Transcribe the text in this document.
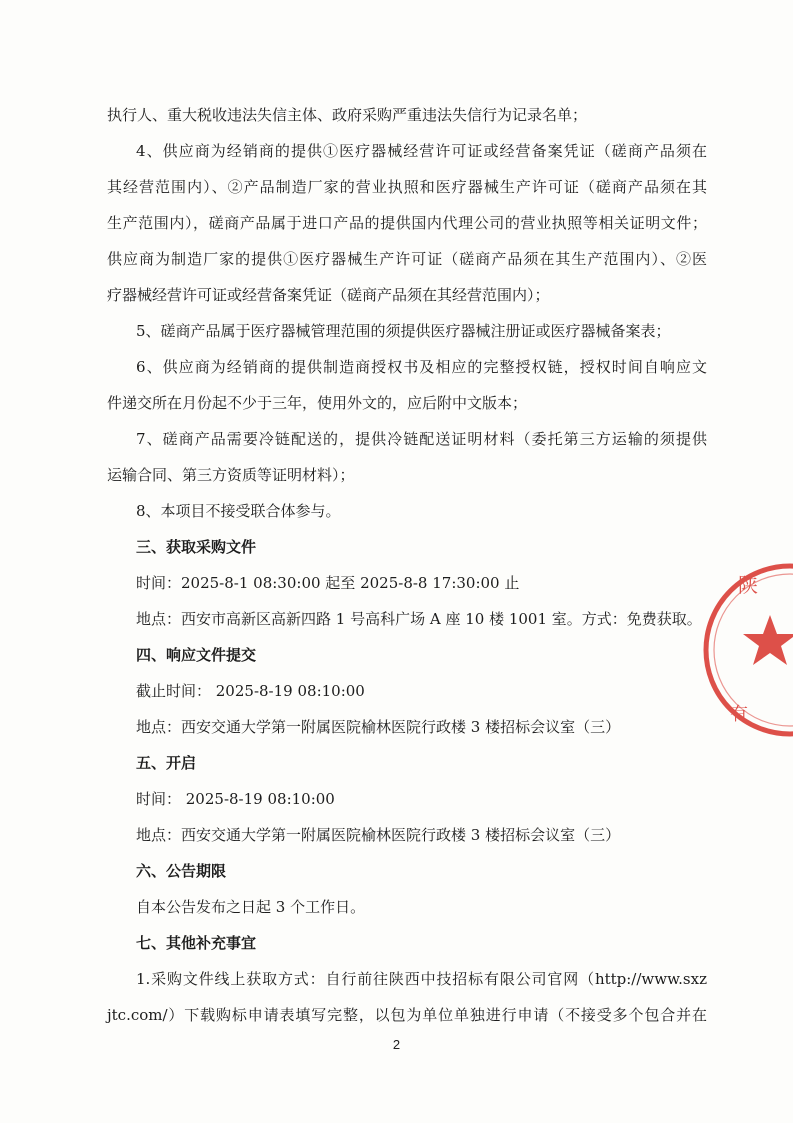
执行人、重大税收违法失信主体、政府采购严重违法失信行为记录名单；
4、供应商为经销商的提供①医疗器械经营许可证或经营备案凭证（磋商产品须在
其经营范围内）、②产品制造厂家的营业执照和医疗器械生产许可证（磋商产品须在其
生产范围内），磋商产品属于进口产品的提供国内代理公司的营业执照等相关证明文件；
供应商为制造厂家的提供①医疗器械生产许可证（磋商产品须在其生产范围内）、②医
疗器械经营许可证或经营备案凭证（磋商产品须在其经营范围内）；
5、磋商产品属于医疗器械管理范围的须提供医疗器械注册证或医疗器械备案表；
6、供应商为经销商的提供制造商授权书及相应的完整授权链，授权时间自响应文
件递交所在月份起不少于三年，使用外文的，应后附中文版本；
7、磋商产品需要冷链配送的，提供冷链配送证明材料（委托第三方运输的须提供
运输合同、第三方资质等证明材料）；
8、本项目不接受联合体参与。
三、获取采购文件
时间：2025-8-1 08:30:00 起至 2025-8-8 17:30:00 止
地点：西安市高新区高新四路 1 号高科广场 A 座 10 楼 1001 室。方式：免费获取。
四、响应文件提交
截止时间： 2025-8-19 08:10:00
地点：西安交通大学第一附属医院榆林医院行政楼 3 楼招标会议室（三）
五、开启
时间： 2025-8-19 08:10:00
地点：西安交通大学第一附属医院榆林医院行政楼 3 楼招标会议室（三）
六、公告期限
自本公告发布之日起 3 个工作日。
七、其他补充事宜
1.采购文件线上获取方式：自行前往陕西中技招标有限公司官网（http://www.sxz
jtc.com/）下载购标申请表填写完整，以包为单位单独进行申请（不接受多个包合并在
2
陕
有
